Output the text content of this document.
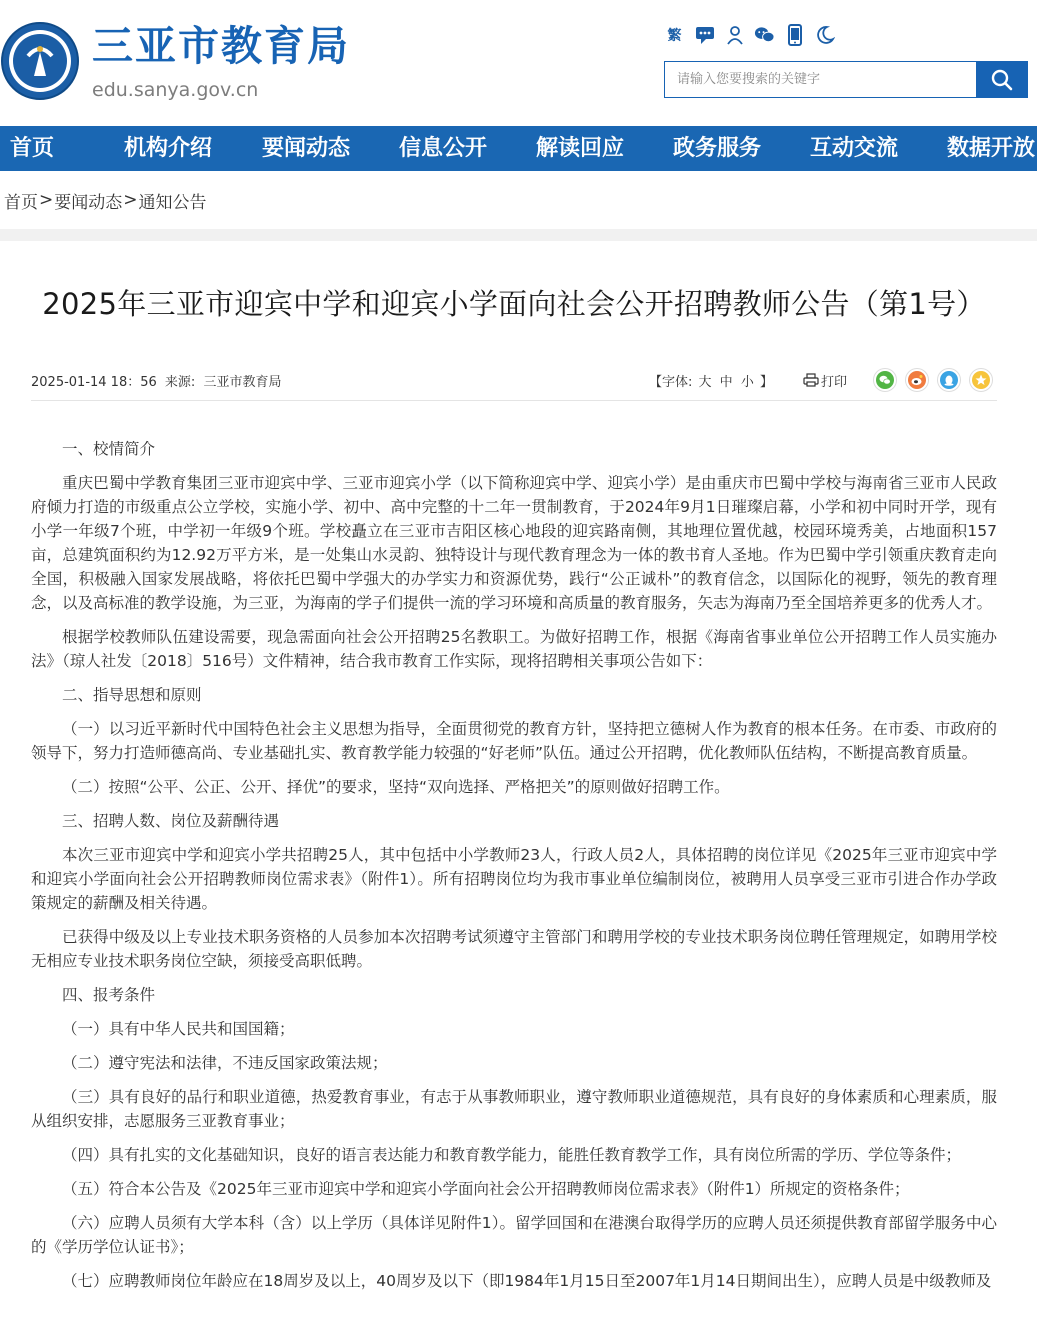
三亚市教育局
edu.sanya.gov.cn
繁
请输入您要搜索的关键字
首页	机构介绍 要闻动态 信息公开 解读回应 政务服务 互动交流 数据开放
首页 > 要闻动态 > 通知公告
2025年三亚市迎宾中学和迎宾小学面向社会公开招聘教师公告（第1号）
2025-01-14 18：56 来源: 三亚市教育局	【字体: 大 中 小 】	打印

一、校情简介

重庆巴蜀中学教育集团三亚市迎宾中学、三亚市迎宾小学（以下简称迎宾中学、迎宾小学）是由重庆市巴蜀中学校与海南省三亚市人民政府倾力打造的市级重点公立学校，实施小学、初中、高中完整的十二年一贯制教育，于2024年9月1日璀璨启幕，小学和初中同时开学，现有小学一年级7个班，中学初一年级9个班。学校矗立在三亚市吉阳区核心地段的迎宾路南侧，其地理位置优越，校园环境秀美，占地面积157亩，总建筑面积约为12.92万平方米，是一处集山水灵韵、独特设计与现代教育理念为一体的教书育人圣地。作为巴蜀中学引领重庆教育走向全国，积极融入国家发展战略，将依托巴蜀中学强大的办学实力和资源优势，践行“公正诚朴”的教育信念，以国际化的视野，领先的教育理念，以及高标准的教学设施，为三亚，为海南的学子们提供一流的学习环境和高质量的教育服务，矢志为海南乃至全国培养更多的优秀人才。

根据学校教师队伍建设需要，现急需面向社会公开招聘25名教职工。为做好招聘工作，根据《海南省事业单位公开招聘工作人员实施办法》（琼人社发〔2018〕516号）文件精神，结合我市教育工作实际，现将招聘相关事项公告如下：

二、指导思想和原则

（一）以习近平新时代中国特色社会主义思想为指导，全面贯彻党的教育方针，坚持把立德树人作为教育的根本任务。在市委、市政府的领导下，努力打造师德高尚、专业基础扎实、教育教学能力较强的“好老师”队伍。通过公开招聘，优化教师队伍结构，不断提高教育质量。

（二）按照“公平、公正、公开、择优”的要求，坚持“双向选择、严格把关”的原则做好招聘工作。

三、招聘人数、岗位及薪酬待遇

本次三亚市迎宾中学和迎宾小学共招聘25人，其中包括中小学教师23人，行政人员2人，具体招聘的岗位详见《2025年三亚市迎宾中学和迎宾小学面向社会公开招聘教师岗位需求表》（附件1）。所有招聘岗位均为我市事业单位编制岗位，被聘用人员享受三亚市引进合作办学政策规定的薪酬及相关待遇。

已获得中级及以上专业技术职务资格的人员参加本次招聘考试须遵守主管部门和聘用学校的专业技术职务岗位聘任管理规定，如聘用学校无相应专业技术职务岗位空缺，须接受高职低聘。

四、报考条件

（一）具有中华人民共和国国籍；

（二）遵守宪法和法律，不违反国家政策法规；

（三）具有良好的品行和职业道德，热爱教育事业，有志于从事教师职业，遵守教师职业道德规范，具有良好的身体素质和心理素质，服从组织安排，志愿服务三亚教育事业；

（四）具有扎实的文化基础知识，良好的语言表达能力和教育教学能力，能胜任教育教学工作，具有岗位所需的学历、学位等条件；

（五）符合本公告及《2025年三亚市迎宾中学和迎宾小学面向社会公开招聘教师岗位需求表》（附件1）所规定的资格条件；

（六）应聘人员须有大学本科（含）以上学历（具体详见附件1）。留学回国和在港澳台取得学历的应聘人员还须提供教育部留学服务中心的《学历学位认证书》；

（七）应聘教师岗位年龄应在18周岁及以上，40周岁及以下（即1984年1月15日至2007年1月14日期间出生），应聘人员是中级教师及
